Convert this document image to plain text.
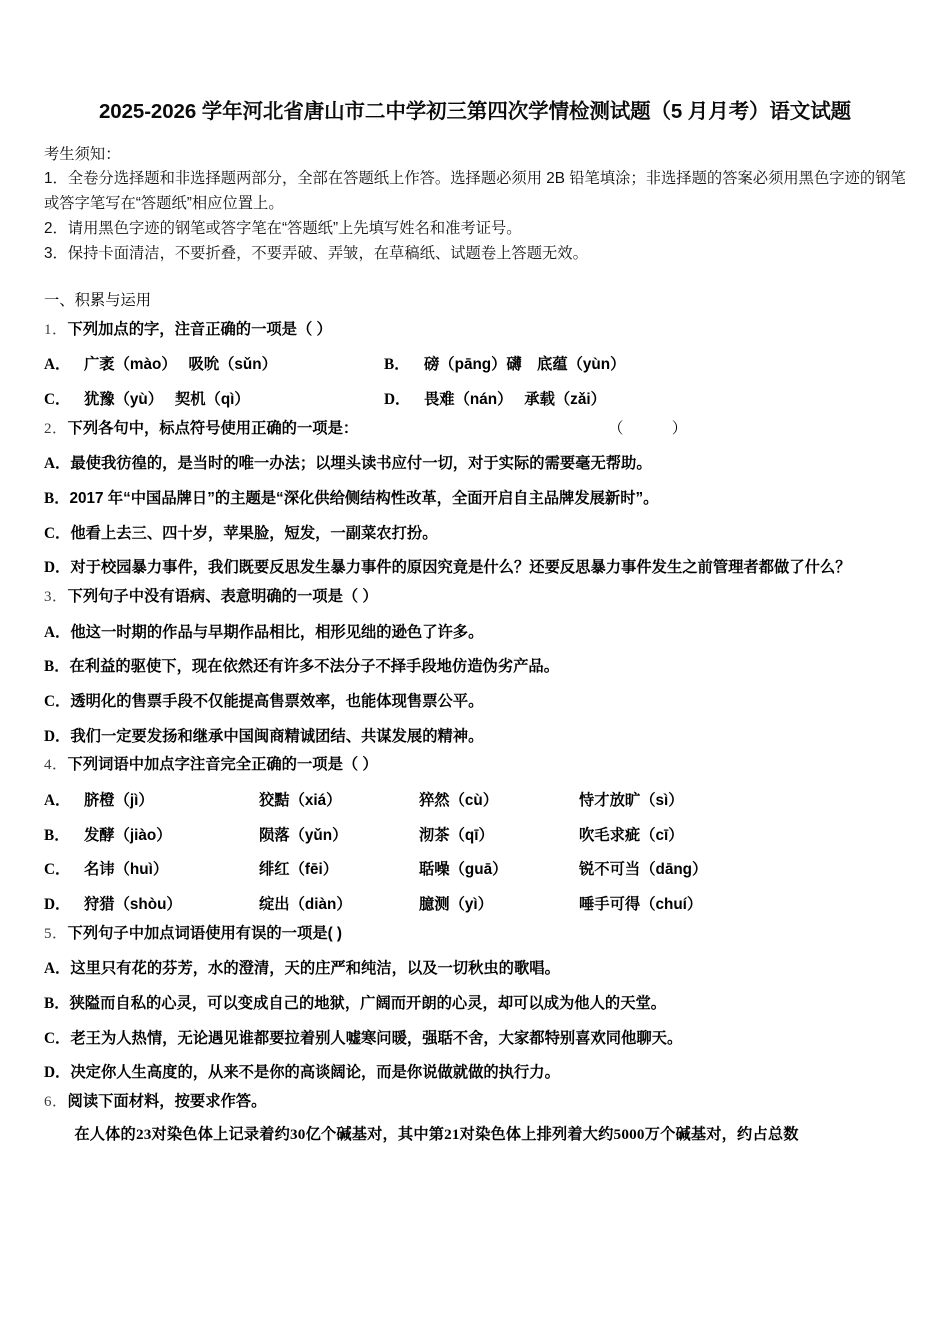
2025-2026 学年河北省唐山市二中学初三第四次学情检测试题（5 月月考）语文试题

考生须知：

1．全卷分选择题和非选择题两部分，全部在答题纸上作答。选择题必须用 2B 铅笔填涂；非选择题的答案必须用黑色字迹的钢笔或答字笔写在“答题纸”相应位置上。

2．请用黑色字迹的钢笔或答字笔在“答题纸”上先填写姓名和准考证号。

3．保持卡面清洁，不要折叠，不要弄破、弄皱，在草稿纸、试题卷上答题无效。

一、积累与运用

1．下列加点的字，注音正确的一项是（ ）

A． 广袤（mào）　 吸吮（sǔn）	B． 磅（pāng）礴　底蕴（yùn）
C． 犹豫（yù）　 契机（qì）	D． 畏难（nán）　 承载（zǎi）

2．下列各句中，标点符号使用正确的一项是：	（ ）

A．最使我彷徨的，是当时的唯一办法；以埋头读书应付一切，对于实际的需要毫无帮助。

B．2017 年“中国品牌日”的主题是“深化供给侧结构性改革，全面开启自主品牌发展新时”。

C．他看上去三、四十岁，苹果脸，短发，一副菜农打扮。

D．对于校园暴力事件，我们既要反思发生暴力事件的原因究竟是什么？还要反思暴力事件发生之前管理者都做了什么？

3．下列句子中没有语病、表意明确的一项是（ ）

A．他这一时期的作品与早期作品相比，相形见绌的逊色了许多。

B．在利益的驱使下，现在依然还有许多不法分子不择手段地仿造伪劣产品。

C．透明化的售票手段不仅能提高售票效率，也能体现售票公平。

D．我们一定要发扬和继承中国闽商精诚团结、共谋发展的精神。

4．下列词语中加点字注音完全正确的一项是（ ）

A． 脐橙（jì）	狡黠（xiá）	猝然（cù）	恃才放旷（sì）
B． 发酵（jiào）	陨落（yǔn）	沏茶（qī）	吹毛求疵（cī）
C． 名讳（huì）	绯红（fēi）	聒噪（guā）	锐不可当（dāng）
D． 狩猎（shòu）	绽出（diàn）	臆测（yì）	唾手可得（chuí）

5．下列句子中加点词语使用有误的一项是( )

A．这里只有花的芬芳，水的澄清，天的庄严和纯洁，以及一切秋虫的歌唱。

B．狭隘而自私的心灵，可以变成自己的地狱，广阔而开朗的心灵，却可以成为他人的天堂。

C．老王为人热情，无论遇见谁都要拉着别人嘘寒问暖，强聒不舍，大家都特别喜欢同他聊天。

D．决定你人生高度的，从来不是你的高谈阔论，而是你说做就做的执行力。

6．阅读下面材料，按要求作答。

在人体的23对染色体上记录着约30亿个碱基对，其中第21对染色体上排列着大约5000万个碱基对，约占总数
